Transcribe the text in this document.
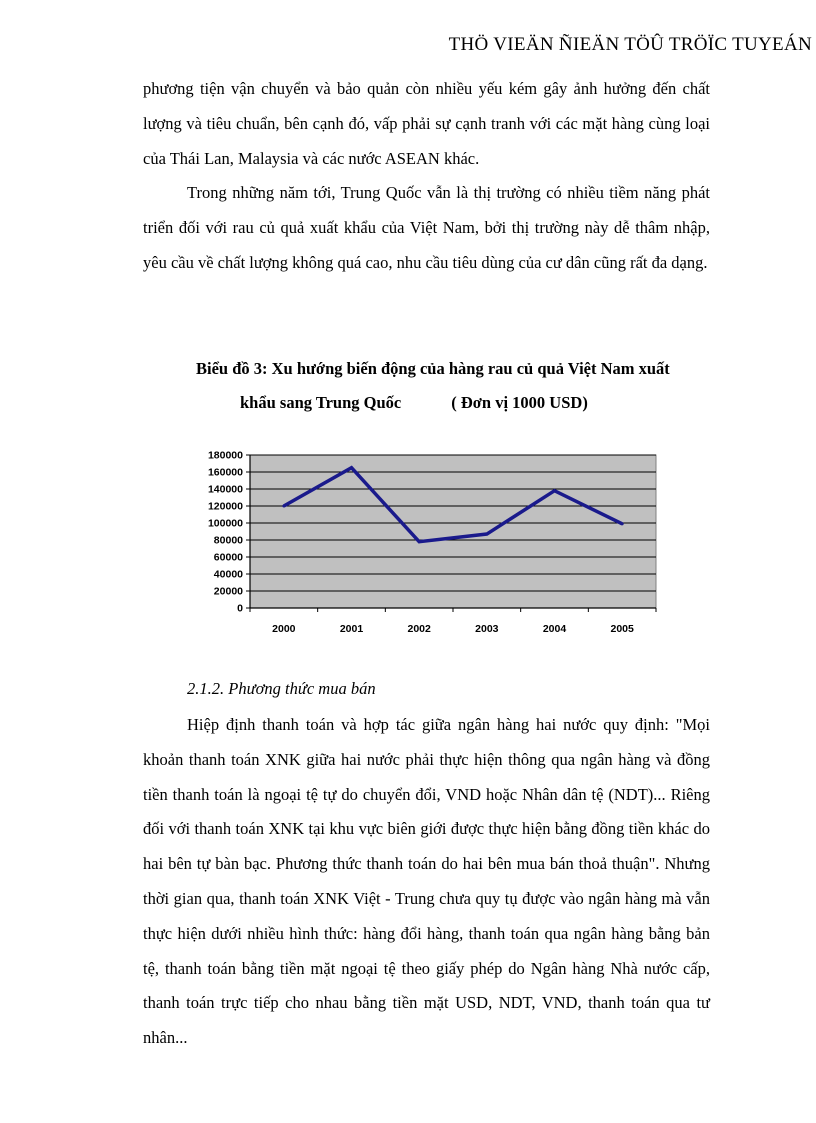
THÖ VIEÄN ÑIEÄN TÖÛ TRÖÏC TUYEÁN

phương tiện vận chuyển và bảo quản còn nhiều yếu kém gây ảnh hưởng đến chất lượng và tiêu chuẩn, bên cạnh đó, vấp phải sự cạnh tranh với các mặt hàng cùng loại của Thái Lan, Malaysia và các nước ASEAN khác.

Trong những năm tới, Trung Quốc vẫn là thị trường có nhiều tiềm năng phát triển đối với rau củ quả xuất khẩu của Việt Nam, bởi thị trường này dễ thâm nhập, yêu cầu về chất lượng không quá cao, nhu cầu tiêu dùng của cư dân cũng rất đa dạng.

Biểu đồ 3: Xu hướng biến động của hàng rau củ quả Việt Nam xuất
khẩu sang Trung Quốc	( Đơn vị 1000 USD)
180000
160000
140000
120000
100000
80000
60000
40000
20000
0
2000	2001	2002	2003	2004	2005

2.1.2. Phương thức mua bán

Hiệp định thanh toán và hợp tác giữa ngân hàng hai nước quy định: "Mọi khoản thanh toán XNK giữa hai nước phải thực hiện thông qua ngân hàng và đồng tiền thanh toán là ngoại tệ tự do chuyển đổi, VND hoặc Nhân dân tệ (NDT)... Riêng đối với thanh toán XNK tại khu vực biên giới được thực hiện bằng đồng tiền khác do hai bên tự bàn bạc. Phương thức thanh toán do hai bên mua bán thoả thuận". Nhưng thời gian qua, thanh toán XNK Việt - Trung chưa quy tụ được vào ngân hàng mà vẫn thực hiện dưới nhiều hình thức: hàng đổi hàng, thanh toán qua ngân hàng bằng bản tệ, thanh toán bằng tiền mặt ngoại tệ theo giấy phép do Ngân hàng Nhà nước cấp, thanh toán trực tiếp cho nhau bằng tiền mặt USD, NDT, VND, thanh toán qua tư nhân...
